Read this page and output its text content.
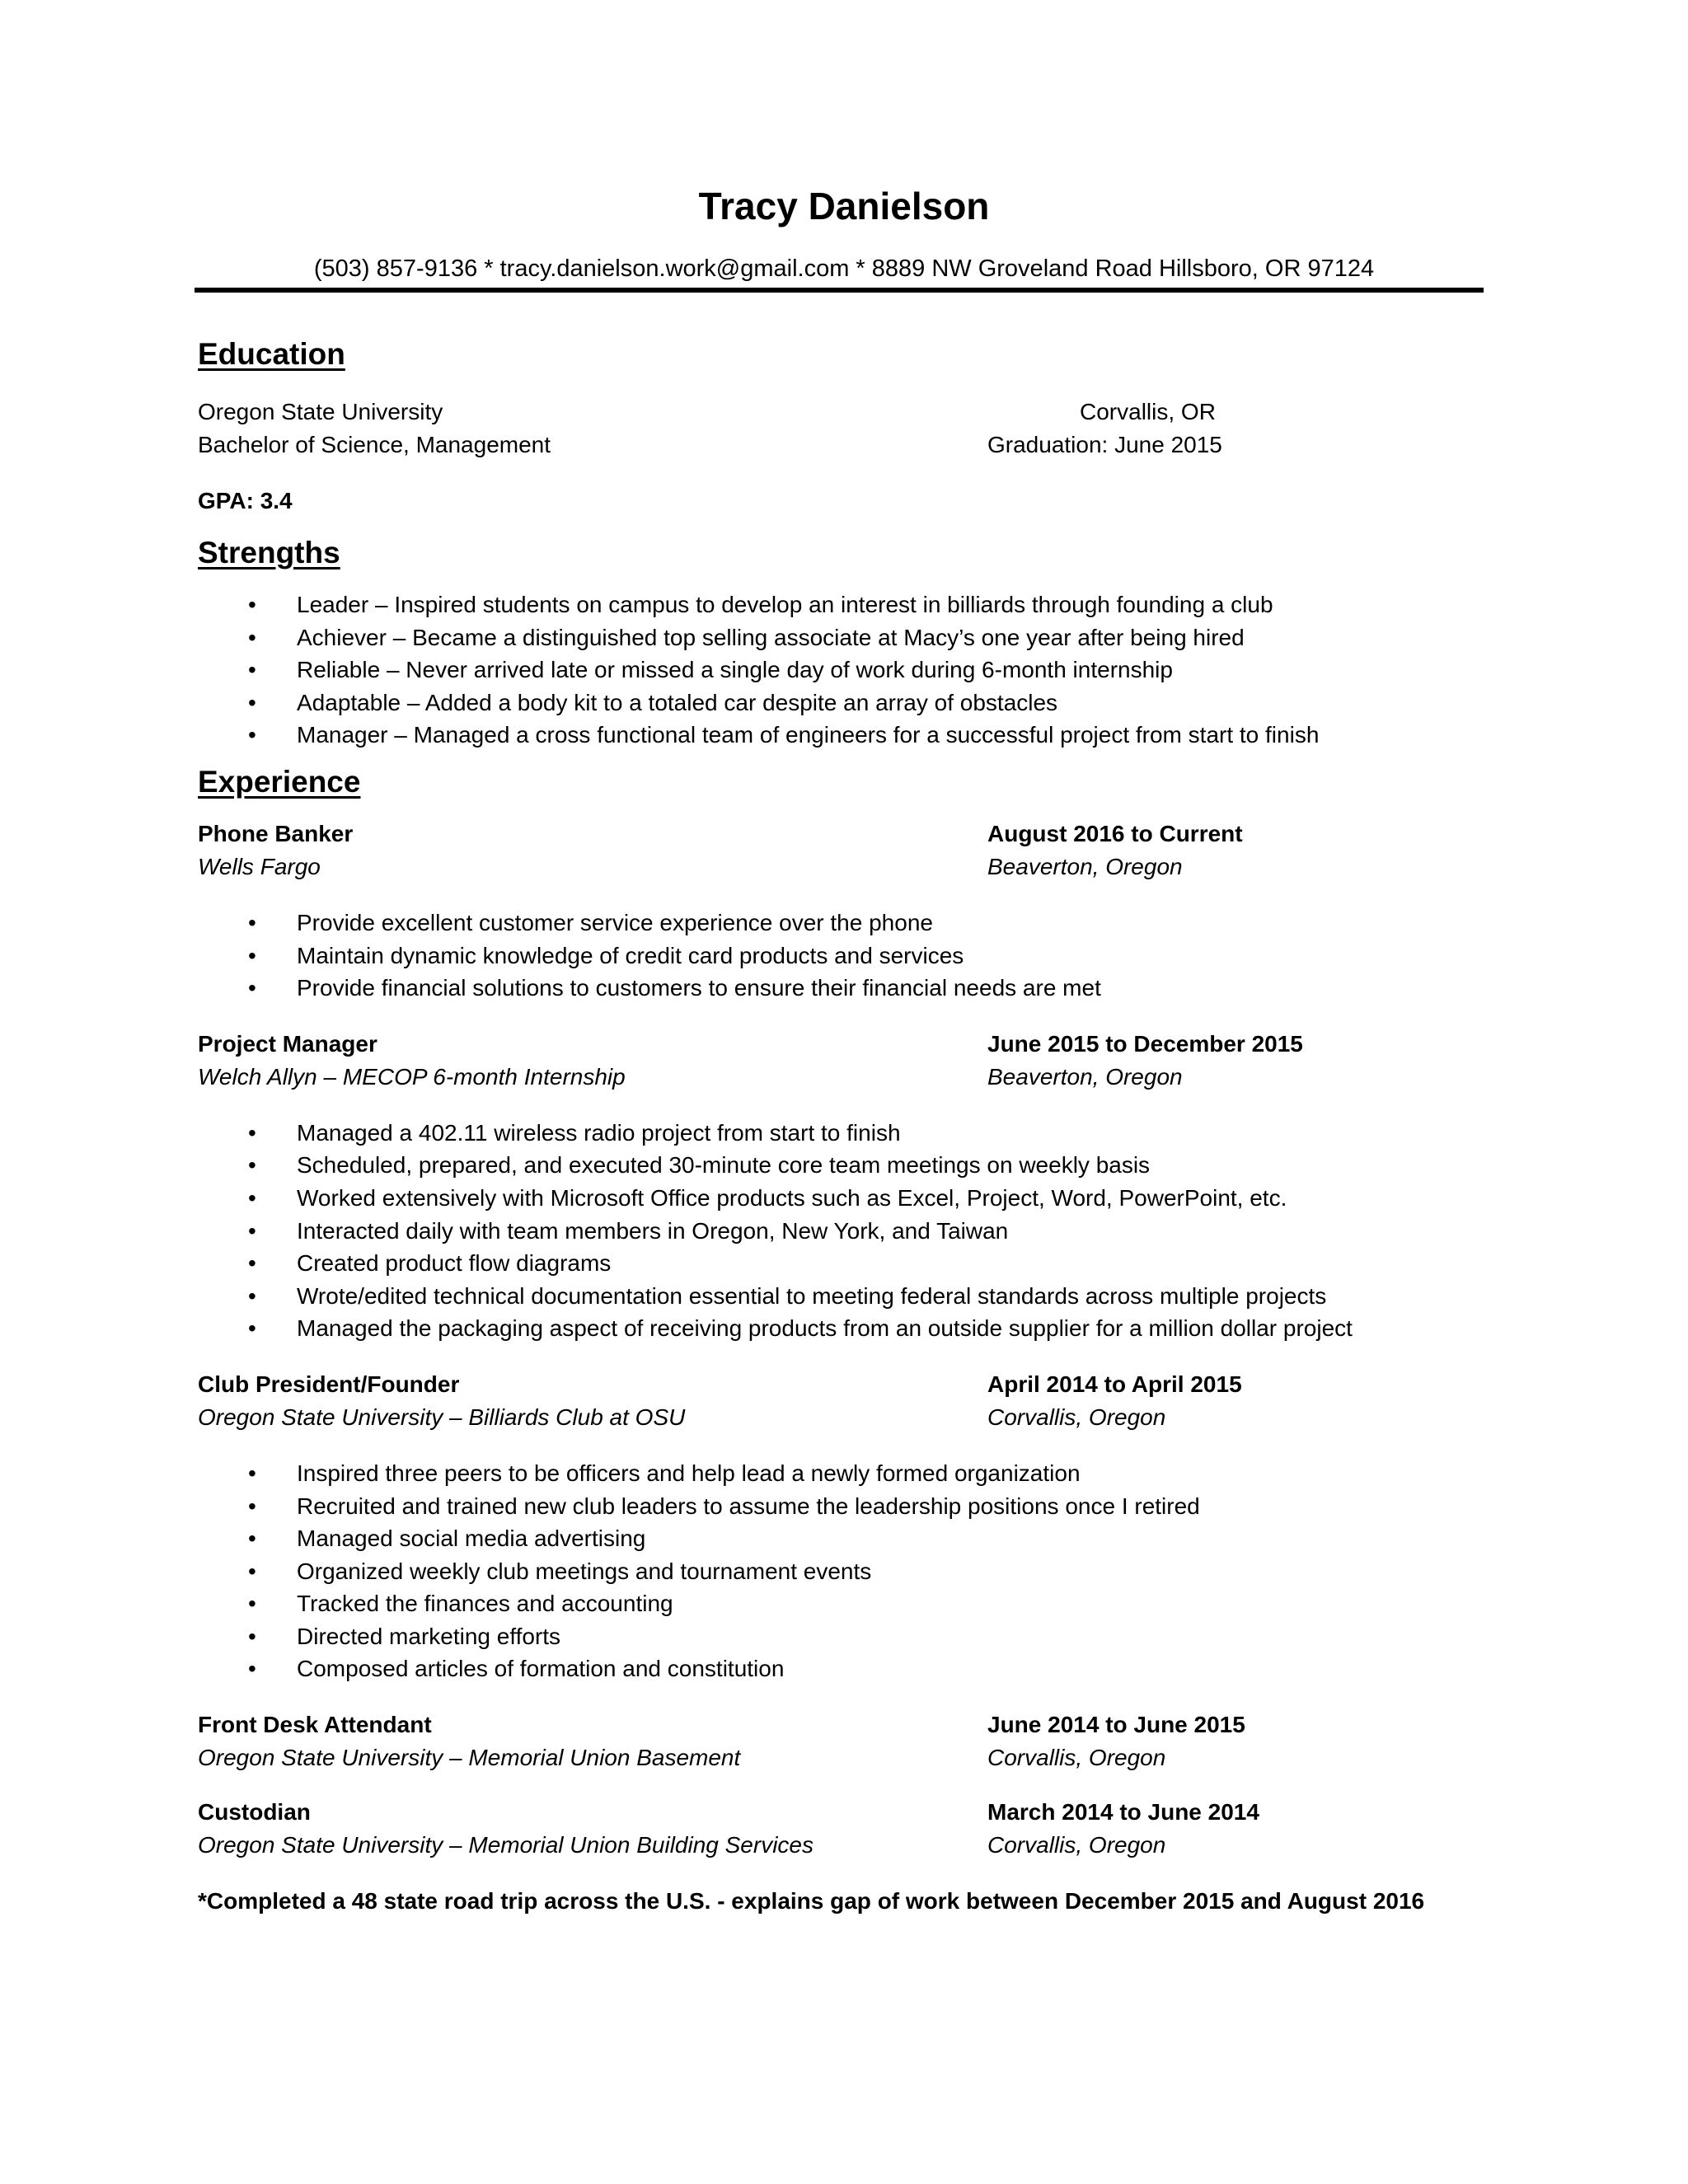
Tracy Danielson
(503) 857-9136 * tracy.danielson.work@gmail.com * 8889 NW Groveland Road Hillsboro, OR 97124
Education
Oregon State University	Corvallis, OR
Bachelor of Science, Management	Graduation: June 2015
GPA: 3.4
Strengths
• Leader – Inspired students on campus to develop an interest in billiards through founding a club
• Achiever – Became a distinguished top selling associate at Macy’s one year after being hired
• Reliable – Never arrived late or missed a single day of work during 6-month internship
• Adaptable – Added a body kit to a totaled car despite an array of obstacles
• Manager – Managed a cross functional team of engineers for a successful project from start to finish
Experience
Phone Banker	August 2016 to Current
Wells Fargo	Beaverton, Oregon
• Provide excellent customer service experience over the phone
• Maintain dynamic knowledge of credit card products and services
• Provide financial solutions to customers to ensure their financial needs are met
Project Manager	June 2015 to December 2015
Welch Allyn – MECOP 6-month Internship	Beaverton, Oregon
• Managed a 402.11 wireless radio project from start to finish
• Scheduled, prepared, and executed 30-minute core team meetings on weekly basis
• Worked extensively with Microsoft Office products such as Excel, Project, Word, PowerPoint, etc.
• Interacted daily with team members in Oregon, New York, and Taiwan
• Created product flow diagrams
• Wrote/edited technical documentation essential to meeting federal standards across multiple projects
• Managed the packaging aspect of receiving products from an outside supplier for a million dollar project
Club President/Founder	April 2014 to April 2015
Oregon State University – Billiards Club at OSU	Corvallis, Oregon
• Inspired three peers to be officers and help lead a newly formed organization
• Recruited and trained new club leaders to assume the leadership positions once I retired
• Managed social media advertising
• Organized weekly club meetings and tournament events
• Tracked the finances and accounting
• Directed marketing efforts
• Composed articles of formation and constitution
Front Desk Attendant	June 2014 to June 2015
Oregon State University – Memorial Union Basement	Corvallis, Oregon
Custodian	March 2014 to June 2014
Oregon State University – Memorial Union Building Services	Corvallis, Oregon
*Completed a 48 state road trip across the U.S. - explains gap of work between December 2015 and August 2016
